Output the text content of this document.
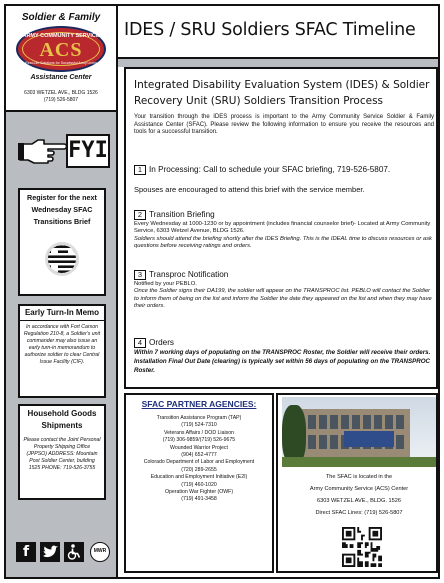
Soldier & Family
ARMY COMMUNITY SERVICE
ACS
Real-Life Solutions for Successful Army Living
Assistance Center
6303 WETZEL AVE., BLDG 1526
(719) 526-5807
FYI
Register for the next Wednesday SFAC Transitions Brief
Early Turn-In Memo
In accordance with Fort Carson Regulation 210-8, a Soldier's unit commander may also issue an early turn-in memorandum to authorize soldier to clear Central Issue Facility (CIF).
Household Goods Shipments
Please contact the Joint Personal Property Shipping Office (JPPSO) ADDRESS: Mountain Post Soldier Center, building 1525 PHONE: 719-526-3755
f	MWR
IDES / SRU Soldiers SFAC Timeline
Integrated Disability Evaluation System (IDES) & Soldier Recovery Unit (SRU) Soldiers Transition Process
Your transition through the IDES process is important to the Army Community Service Soldier & Family Assistance Center (SFAC). Please review the following information to ensure you receive the resources and tools for a successful transition.
1 In Processing: Call to schedule your SFAC briefing, 719-526-5807.
Spouses are encouraged to attend this brief with the service member.
2 Transition Briefing
Every Wednesday at 1000-1230 or by appointment (includes financial counselor brief)- Located at Army Community Service, 6303 Wetzel Avenue, BLDG 1526.
Soldiers should attend the briefing shortly after the IDES Briefing. This is the IDEAL time to discuss resources or ask questions before receiving ratings and orders.
3 Transproc Notification
Notified by your PEBLO.
Once the Soldier signs their DA199, the soldier will appear on the TRANSPROC list. PEBLO will contact the Soldier to inform them of being on the list and inform the Soldier the date they appeared on the list and when they may have their orders.
4 Orders
Within 7 working days of populating on the TRANSPROC Roster, the Soldier will receive their orders. Installation Final Out Date (clearing) is typically set within 56 days of populating on the TRANSPROC Roster.
SFAC PARTNER AGENCIES:
Transition Assistance Program (TAP)
(719) 524-7310
Veterans Affairs / DOD Liaison
(719) 306-9859/(719) 526-9675
Wounded Warrior Project
(904) 652-4777
Colorado Department of Labor and Employment
(720) 289-2655
Education and Employment Initiative (E2I)
(719) 460-1020
Operation War Fighter (OWF)
(719) 491-3458
The SFAC is located in the
Army Community Service (ACS) Center
6303 WETZEL AVE., BLDG. 1526
Direct SFAC Lines: (719) 526-5807
